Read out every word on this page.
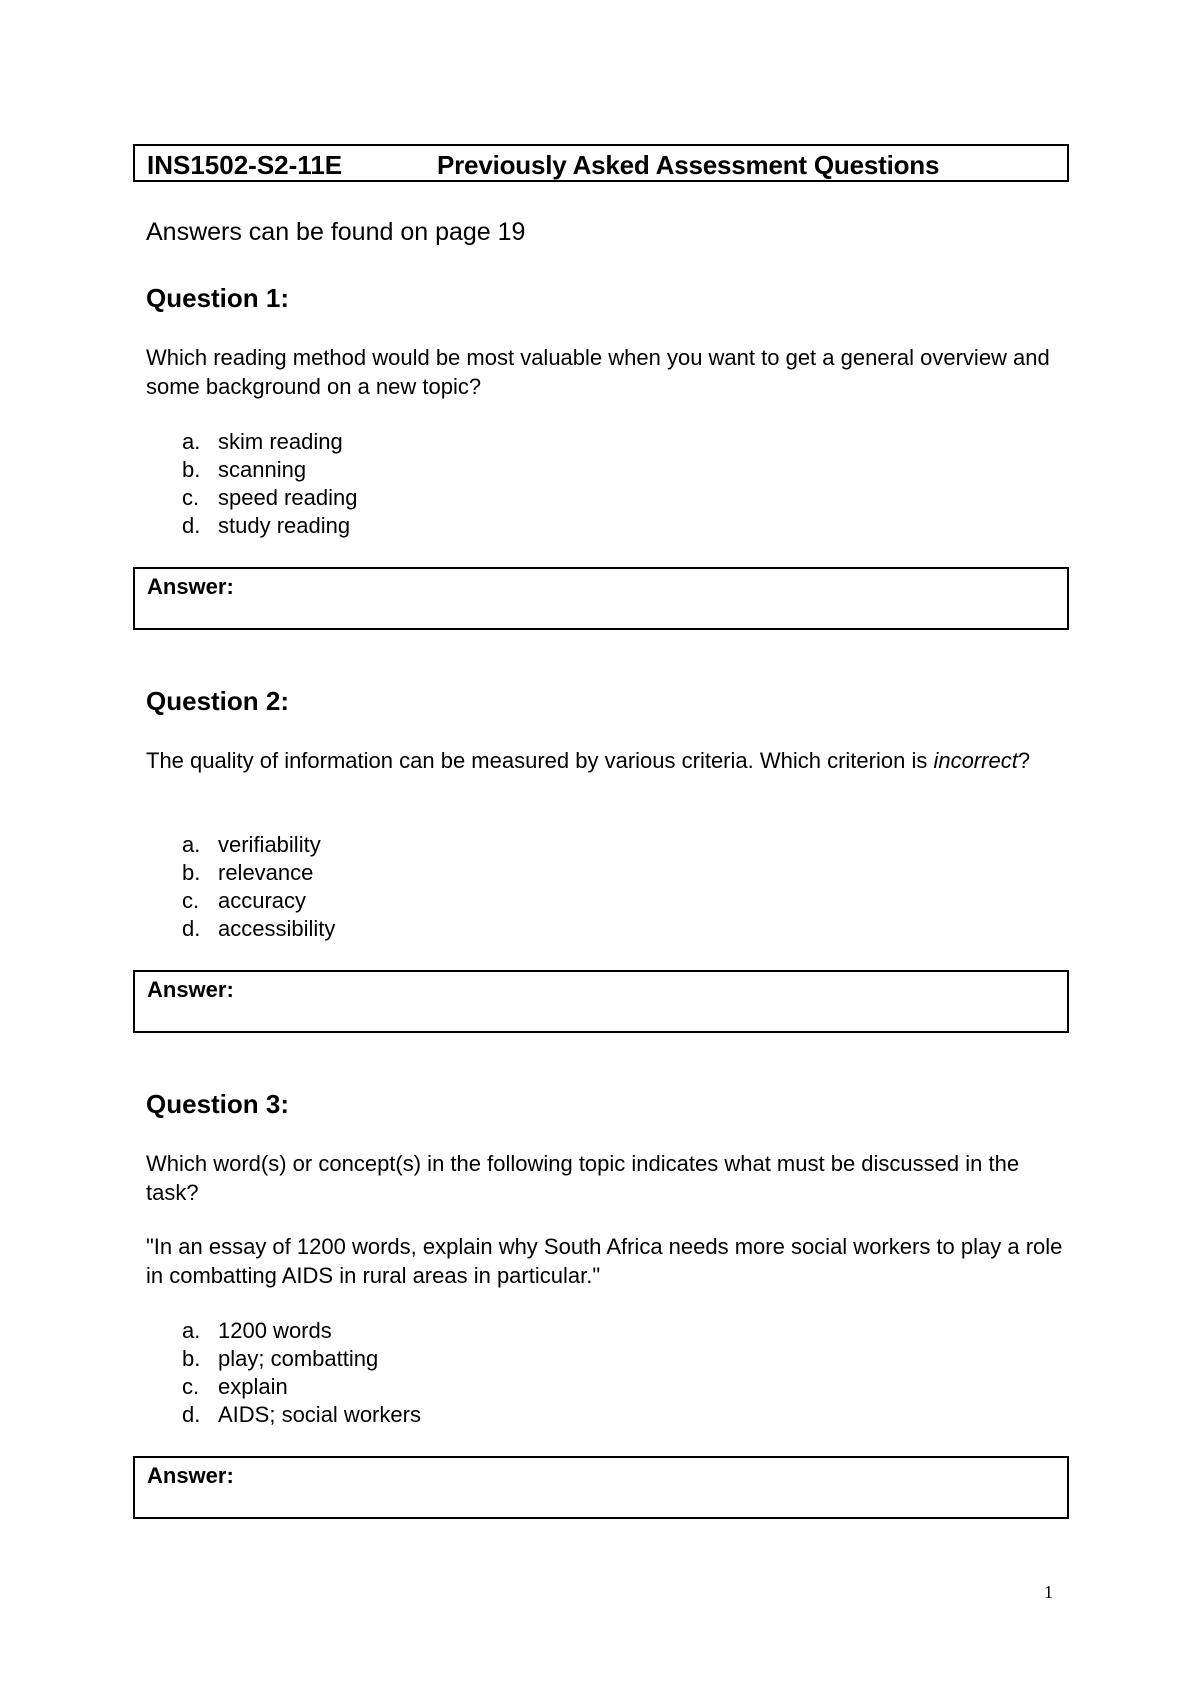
INS1502-S2-11E	Previously Asked Assessment Questions
Answers can be found on page 19
Question 1:
Which reading method would be most valuable when you want to get a general overview and some background on a new topic?
a. skim reading
b. scanning
c. speed reading
d. study reading
Answer:
Question 2:
The quality of information can be measured by various criteria. Which criterion is incorrect?
a. verifiability
b. relevance
c. accuracy
d. accessibility
Answer:
Question 3:
Which word(s) or concept(s) in the following topic indicates what must be discussed in the task?
"In an essay of 1200 words, explain why South Africa needs more social workers to play a role in combatting AIDS in rural areas in particular."
a. 1200 words
b. play; combatting
c. explain
d. AIDS; social workers
Answer:
1
